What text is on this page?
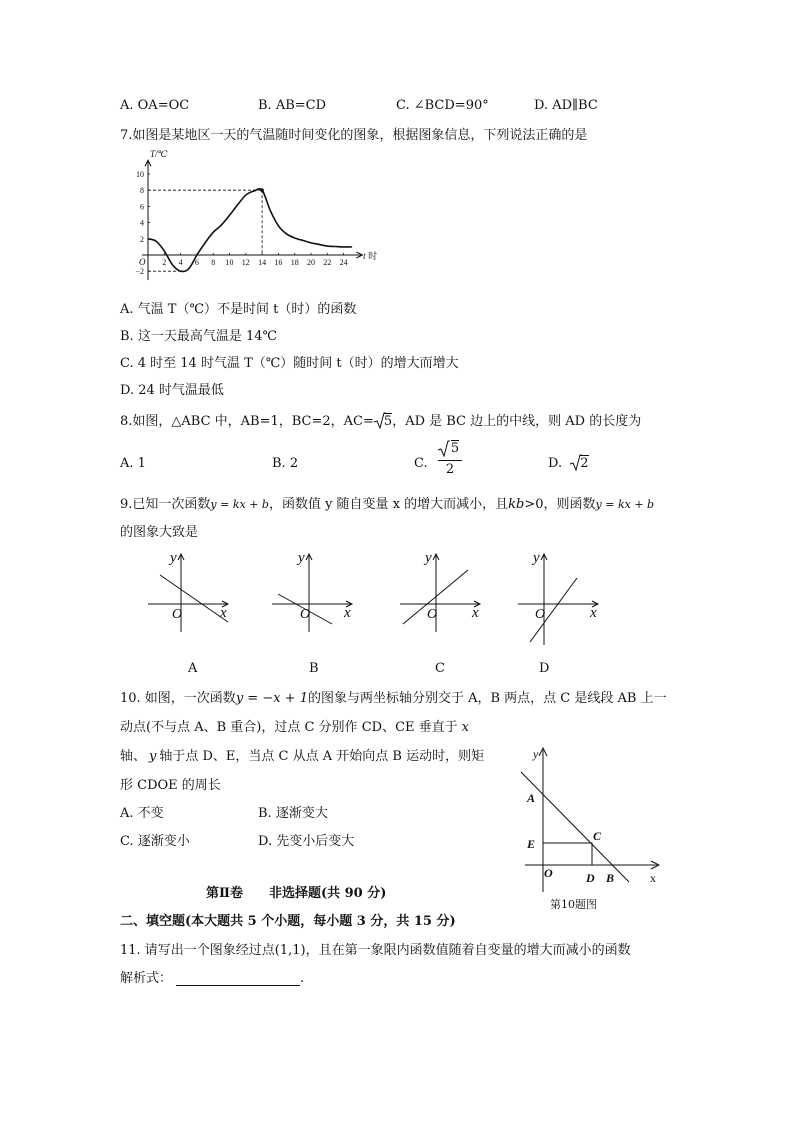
A. OA=OC	B. AB=CD	C. ∠BCD=90°	D. AD∥BC
7.如图是某地区一天的气温随时间变化的图象，根据图象信息，下列说法正确的是
T/℃
t 时
O 2 4 6 8 10 12 14 16 18 20 22 24
−2
2
4
6
8
10
A. 气温 T（℃）不是时间 t（时）的函数
B. 这一天最高气温是 14℃
C. 4 时至 14 时气温 T（℃）随时间 t（时）的增大而增大
D. 24 时气温最低
8.如图，△ABC 中，AB=1，BC=2，AC= 5，AD 是 BC 边上的中线，则 AD 的长度为
A. 1	B. 2	C.
5
2	D. 2
9.已知一次函数y = kx + b，函数值 y 随自变量 x 的增大而减小，且kb>0，则函数y = kx + b
的图象大致是
y
x
O
y
x
O
y
x
O
y
x
O
A	B	C	D
10. 如图，一次函数y = −x + 1的图象与两坐标轴分别交于 A，B 两点，点 C 是线段 AB 上一
动点(不与点 A、B 重合)，过点 C 分别作 CD、CE 垂直于 x
轴、 y 轴于点 D、E，当点 C 从点 A 开始向点 B 运动时，则矩
形 CDOE 的周长
A. 不变	B. 逐渐变大
C. 逐渐变小	D. 先变小后变大
y
x
A
E
C
O	D B
第10题图
第Ⅱ卷　　非选择题(共 90 分)
二、填空题(本大题共 5 个小题，每小题 3 分，共 15 分)
11. 请写出一个图象经过点(1,1)，且在第一象限内函数值随着自变量的增大而减小的函数
解析式：	.
